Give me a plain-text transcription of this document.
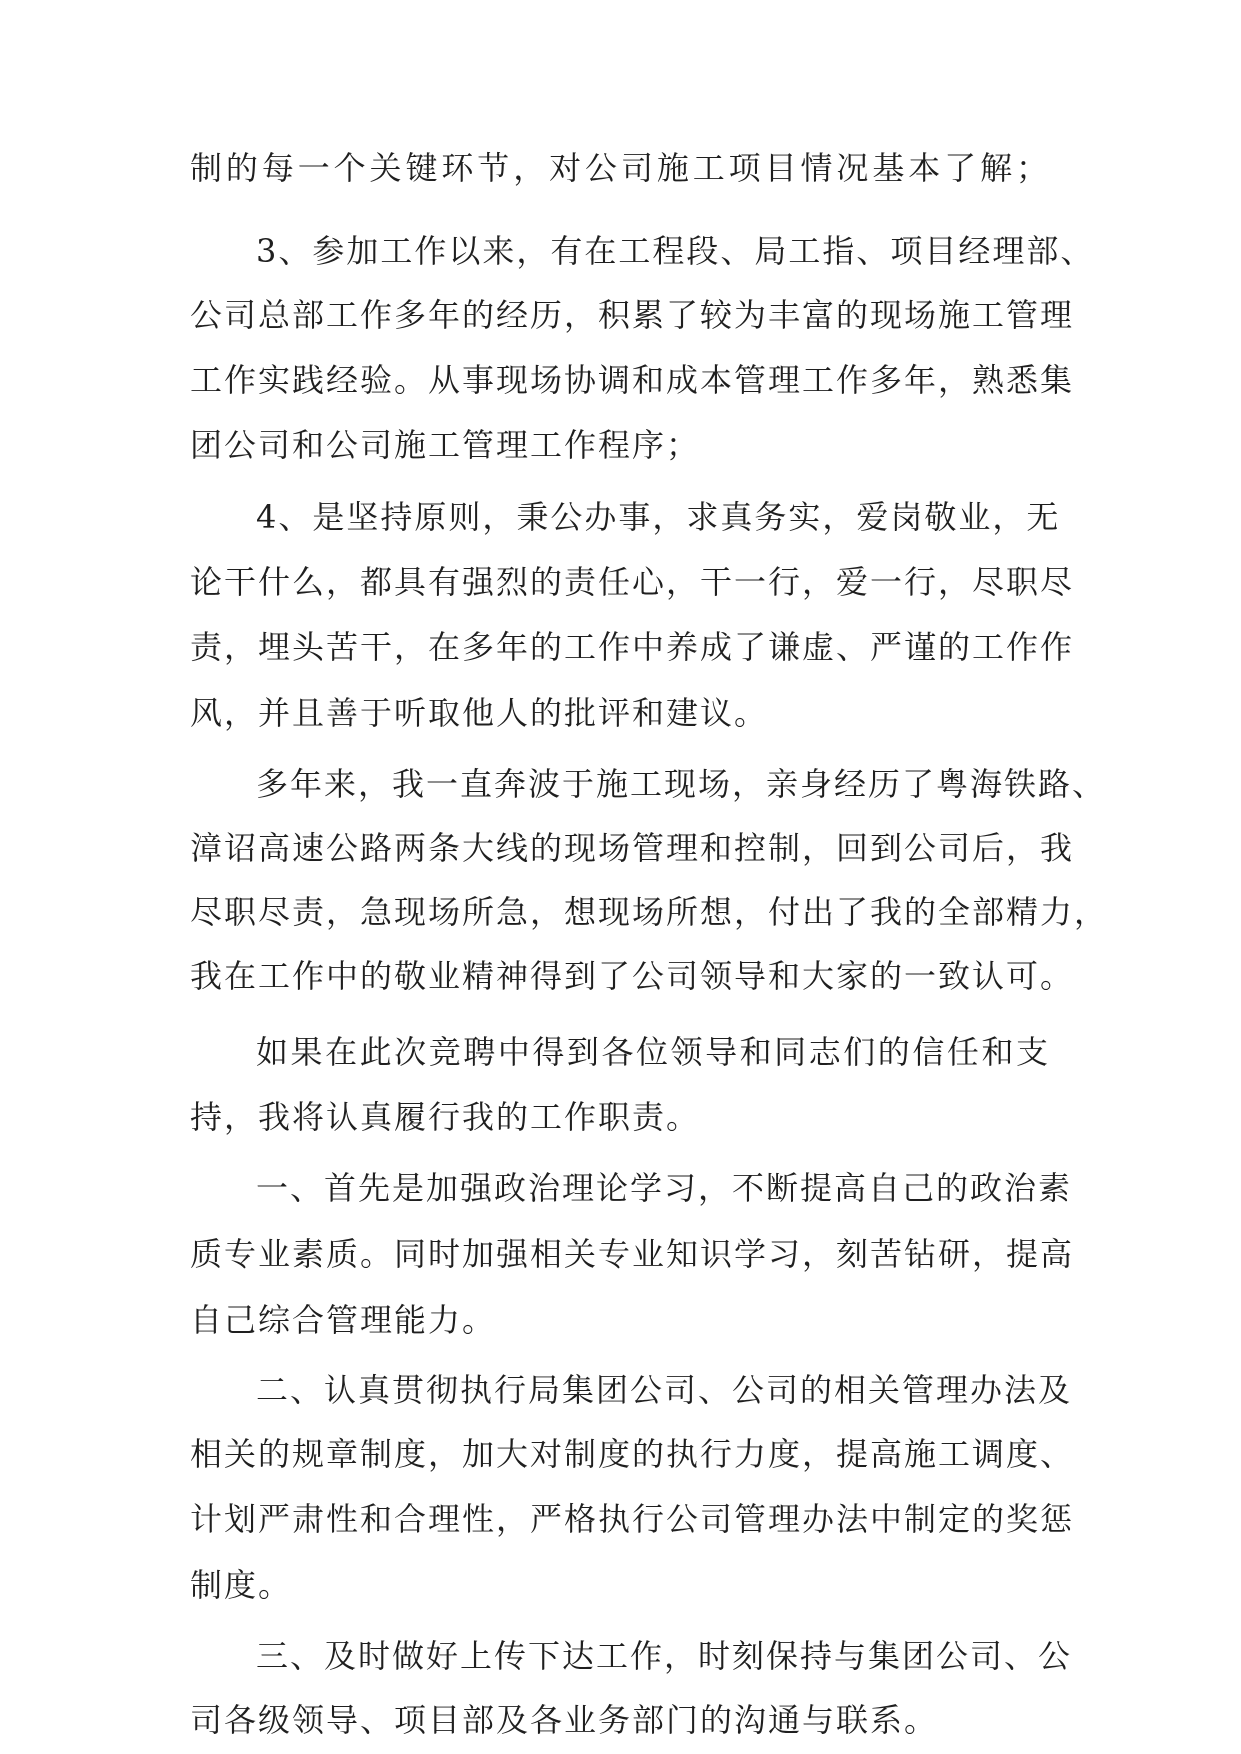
制的每一个关键环节，对公司施工项目情况基本了解；
3、参加工作以来，有在工程段、局工指、项目经理部、
公司总部工作多年的经历，积累了较为丰富的现场施工管理
工作实践经验。从事现场协调和成本管理工作多年，熟悉集
团公司和公司施工管理工作程序；
4、是坚持原则，秉公办事，求真务实，爱岗敬业，无
论干什么，都具有强烈的责任心，干一行，爱一行，尽职尽
责，埋头苦干，在多年的工作中养成了谦虚、严谨的工作作
风，并且善于听取他人的批评和建议。
多年来，我一直奔波于施工现场，亲身经历了粤海铁路、
漳诏高速公路两条大线的现场管理和控制，回到公司后，我
尽职尽责，急现场所急，想现场所想，付出了我的全部精力，
我在工作中的敬业精神得到了公司领导和大家的一致认可。
如果在此次竞聘中得到各位领导和同志们的信任和支
持，我将认真履行我的工作职责。
一、首先是加强政治理论学习，不断提高自己的政治素
质专业素质。同时加强相关专业知识学习，刻苦钻研，提高
自己综合管理能力。
二、认真贯彻执行局集团公司、公司的相关管理办法及
相关的规章制度，加大对制度的执行力度，提高施工调度、
计划严肃性和合理性，严格执行公司管理办法中制定的奖惩
制度。
三、及时做好上传下达工作，时刻保持与集团公司、公
司各级领导、项目部及各业务部门的沟通与联系。
